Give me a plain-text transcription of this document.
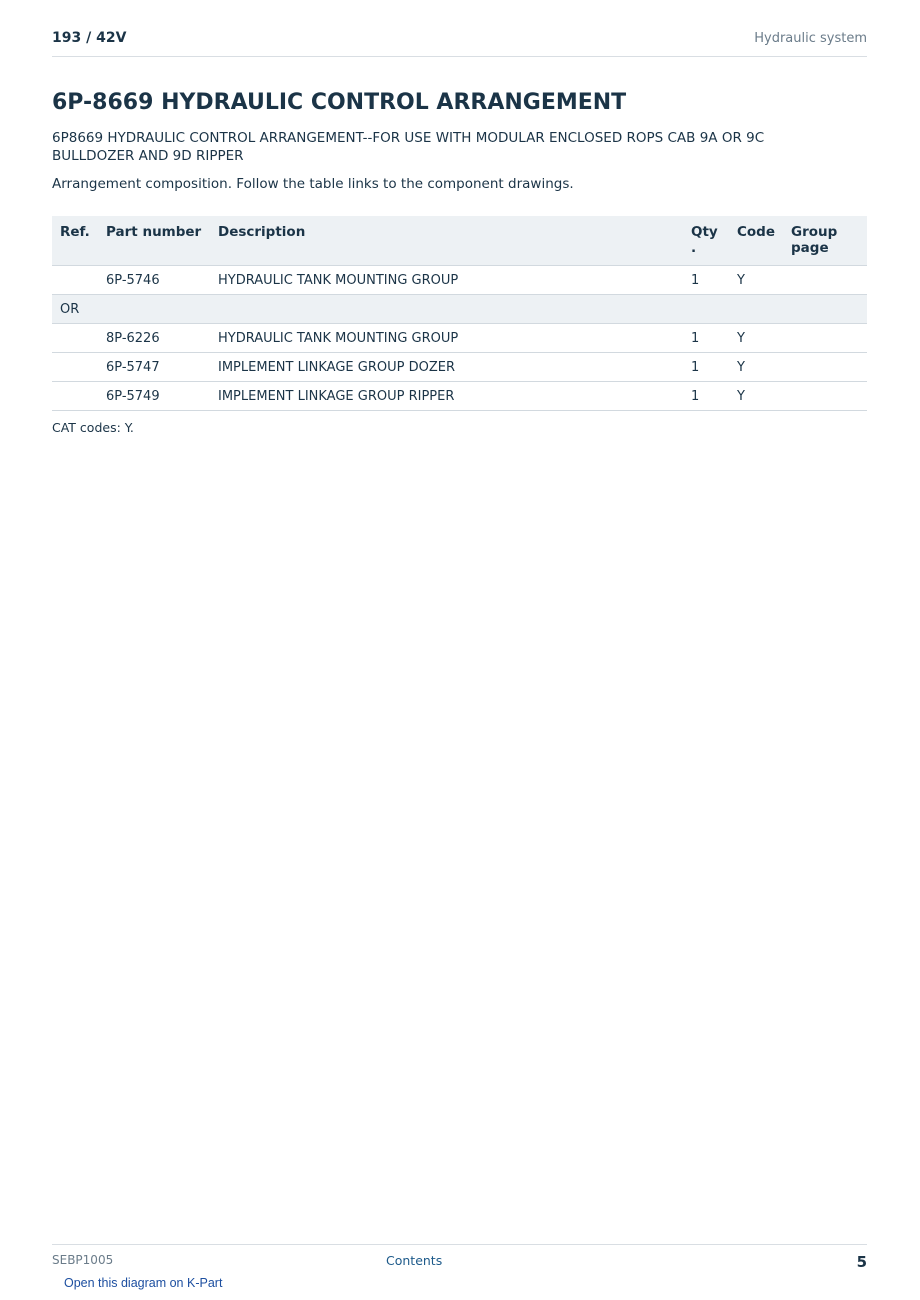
193 / 42V	Hydraulic system
6P-8669 HYDRAULIC CONTROL ARRANGEMENT
6P8669 HYDRAULIC CONTROL ARRANGEMENT--FOR USE WITH MODULAR ENCLOSED ROPS CAB 9A OR 9C BULLDOZER AND 9D RIPPER
Arrangement composition. Follow the table links to the component drawings.
Ref.	Part number	Description	Qty .	Code	Group page
	6P-5746	HYDRAULIC TANK MOUNTING GROUP	1	Y	
OR					
	8P-6226	HYDRAULIC TANK MOUNTING GROUP	1	Y	
	6P-5747	IMPLEMENT LINKAGE GROUP DOZER	1	Y	
	6P-5749	IMPLEMENT LINKAGE GROUP RIPPER	1	Y	
CAT codes: Y.
SEBP1005	Contents	5
Open this diagram on K-Part
